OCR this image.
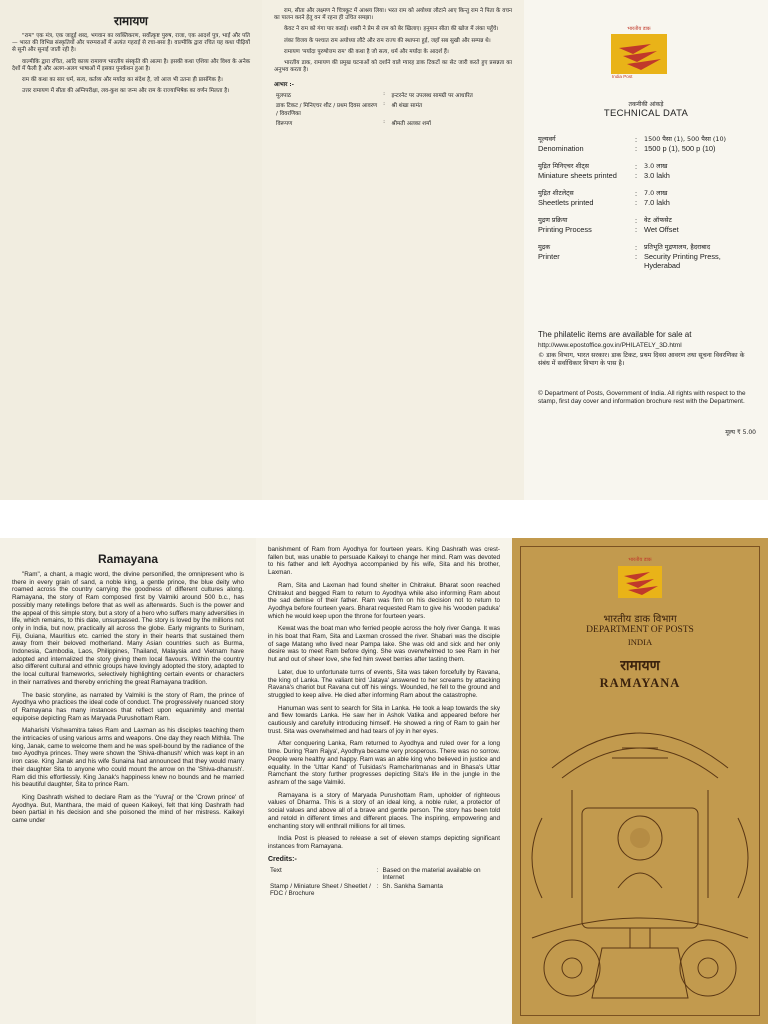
रामायण

"राम" एक मंत्र, एक जादुई शब्द, भगवान का व्यक्तिकरण, सर्वोत्कृष्ट पुरुष, राजा, एक आदर्श पुत्र, भाई और पति — भारत की विभिन्न संस्कृतियों और परम्पराओं में अत्यंत गहराई से रचा-बसा है। वाल्मीकि द्वारा रचित यह कथा पीढ़ियों से सुनी और सुनाई जाती रही है।

वाल्मीकि द्वारा रचित, आदि काव्य रामायण भारतीय संस्कृति की आत्मा है। इसकी कथा एशिया और विश्व के अनेक देशों में फैली है और अलग-अलग भाषाओं में इसका पुनर्कथन हुआ है।

राम की कथा का सार धर्म, सत्य, कर्तव्य और मर्यादा का संदेश है, जो आज भी उतना ही प्रासंगिक है।

उत्तर रामायण में सीता की अग्निपरीक्षा, लव-कुश का जन्म और राम के राज्याभिषेक का वर्णन मिलता है।

राम, सीता और लक्ष्मण ने चित्रकूट में आश्रय लिया। भरत राम को अयोध्या लौटाने आए किन्तु राम ने पिता के वचन का पालन करने हेतु वन में रहना ही उचित समझा।

केवट ने राम को गंगा पार कराई। शबरी ने प्रेम से राम को बेर खिलाए। हनुमान सीता की खोज में लंका पहुँचे।

लंका विजय के पश्चात राम अयोध्या लौटे और राम राज्य की स्थापना हुई, जहाँ सब सुखी और सम्पन्न थे।

रामायण 'मर्यादा पुरुषोत्तम राम' की कथा है जो सत्य, धर्म और मर्यादा के आदर्श हैं।

भारतीय डाक, रामायण की प्रमुख घटनाओं को दर्शाने वाले ग्यारह डाक टिकटों का सेट जारी करते हुए प्रसन्नता का अनुभव करता है।

आभार :-
मूलपाठ	:	इन्टरनेट पर उपलब्ध सामग्री पर आधारित
डाक टिकट / मिनिएचर शीट / प्रथम दिवस आवरण / विवरणिका	:	श्री शंखा सामंत
विरूपण	:	श्रीमती अलका शर्मा
भारतीय डाक
India Post
तकनीकी आंकड़े
TECHNICAL DATA
मूल्यवर्ग	:	1500 पैसा (1), 500 पैसा (10)
Denomination	:	1500 p (1), 500 p (10)

मुद्रित मिनिएचर शीट्स	:	3.0 लाख
Miniature sheets printed	:	3.0 lakh

मुद्रित शीटलेट्स	:	7.0 लाख
Sheetlets printed	:	7.0 lakh

मुद्रण प्रक्रिया	:	वेट ऑफसेट
Printing Process	:	Wet Offset

मुद्रक	:	प्रतिभूति मुद्रणालय, हैदराबाद
Printer	:	Security Printing Press, Hyderabad
The philatelic items are available for sale at
http://www.epostoffice.gov.in/PHILATELY_3D.html
© डाक विभाग, भारत सरकार। डाक टिकट, प्रथम दिवस आवरण तथा सूचना विवरणिका के संबंध में सर्वाधिकार विभाग के पास है।
© Department of Posts, Government of India. All rights with respect to the stamp, first day cover and information brochure rest with the Department.
मूल्य ₹ 5.00
Ramayana

"Ram", a chant, a magic word, the divine personified, the omnipresent who is there in every grain of sand, a noble king, a gentle prince, the blue deity who roamed across the country carrying the goodness of different cultures along. Ramayana, the story of Ram composed first by Valmiki around 500 b.c., has possibly many retellings before that as well as afterwards. Such is the power and the appeal of this simple story, but a story of a hero who suffers many adversities in life, which remains, to this date, unsurpassed. The story is loved by the millions not only in India, but now, practically all across the globe. Early migrants to Surinam, Fiji, Guiana, Mauritius etc. carried the story in their hearts that sustained them away from their beloved motherland. Many Asian countries such as Burma, Indonesia, Cambodia, Laos, Philippines, Thailand, Malaysia and Vietnam have adopted and internalized the story giving them local flavours. Within the country also different cultural and ethnic groups have lovingly adopted the story, adapted to the local cultural frameworks, selectively highlighting certain events or characters in their narratives and thereby enriching the great Ramayana tradition.

The basic storyline, as narrated by Valmiki is the story of Ram, the prince of Ayodhya who practices the ideal code of conduct. The progressively nuanced story of Ramayana has many instances that reflect upon equanimity and mental equipoise depicting Ram as Maryada Purushottam Ram.

Maharishi Vishwamitra takes Ram and Laxman as his disciples teaching them the intricacies of using various arms and weapons. One day they reach Mithila. The king, Janak, came to welcome them and he was spell-bound by the radiance of the two Ayodhya princes. They were shown the 'Shiva-dhanush' which was kept in an iron case. King Janak and his wife Sunaina had announced that they would marry their daughter Sita to anyone who could mount the arrow on the 'Shiva-dhanush'. Ram did this effortlessly. King Janak's happiness knew no bounds and he married his beautiful daughter, Sita to prince Ram.

King Dashrath wished to declare Ram as the 'Yuvraj' or the 'Crown prince' of Ayodhya. But, Manthara, the maid of queen Kaikeyi, felt that king Dashrath had been partial in his decision and she poisoned the mind of her mistress. Kaikeyi came under

banishment of Ram from Ayodhya for fourteen years. King Dashrath was crest-fallen but, was unable to persuade Kaikeyi to change her mind. Ram was devoted to his father and left Ayodhya accompanied by his wife, Sita and his brother, Laxman.

Ram, Sita and Laxman had found shelter in Chitrakut. Bharat soon reached Chitrakut and begged Ram to return to Ayodhya while also informing Ram about the sad demise of their father. Ram was firm on his decision not to return to Ayodhya before fourteen years. Bharat requested Ram to give his 'wooden paduka' which he would keep upon the throne for fourteen years.

Kewat was the boat man who ferried people across the holy river Ganga. It was in his boat that Ram, Sita and Laxman crossed the river. Shabari was the disciple of sage Matang who lived near Pampa lake. She was old and sick and her only desire was to meet Ram before dying. She was overwhelmed to see Ram in her hut and out of sheer love, she fed him sweet berries after tasting them.

Later, due to unfortunate turns of events, Sita was taken forcefully by Ravana, the king of Lanka. The valiant bird 'Jataya' answered to her screams by attacking Ravana's chariot but Ravana cut off his wings. Wounded, he fell to the ground and struggled to keep alive. He died after informing Ram about the catastrophe.

Hanuman was sent to search for Sita in Lanka. He took a leap towards the sky and flew towards Lanka. He saw her in Ashok Vatika and appeared before her cautiously and carefully introducing himself. He showed a ring of Ram to gain her trust. Sita was overwhelmed and had tears of joy in her eyes.

After conquering Lanka, Ram returned to Ayodhya and ruled over for a long time. During 'Ram Rajya', Ayodhya became very prosperous. There was no sorrow. People were healthy and happy. Ram was an able king who believed in justice and equality. In the 'Uttar Kand' of Tulsidas's Ramcharitmanas and in Bhasa's Uttar Ramchant the story further progresses depicting Sita's life in the jungle in the ashram of the sage Valmiki.

Ramayana is a story of Maryada Purushottam Ram, upholder of righteous values of Dharma. This is a story of an ideal king, a noble ruler, a protector of social values and above all of a brave and gentle person. The story has been told and retold in different times and different places. The inspiring, empowering and enchanting story will enthrall millions for all times.

India Post is pleased to release a set of eleven stamps depicting significant instances from Ramayana.

Credits:-
Text	:	Based on the material available on Internet
Stamp / Miniature Sheet / Sheetlet / FDC / Brochure	:	Sh. Sankha Samanta
भारतीय डाक
भारतीय डाक विभाग
DEPARTMENT OF POSTS
INDIA
रामायण
RAMAYANA
